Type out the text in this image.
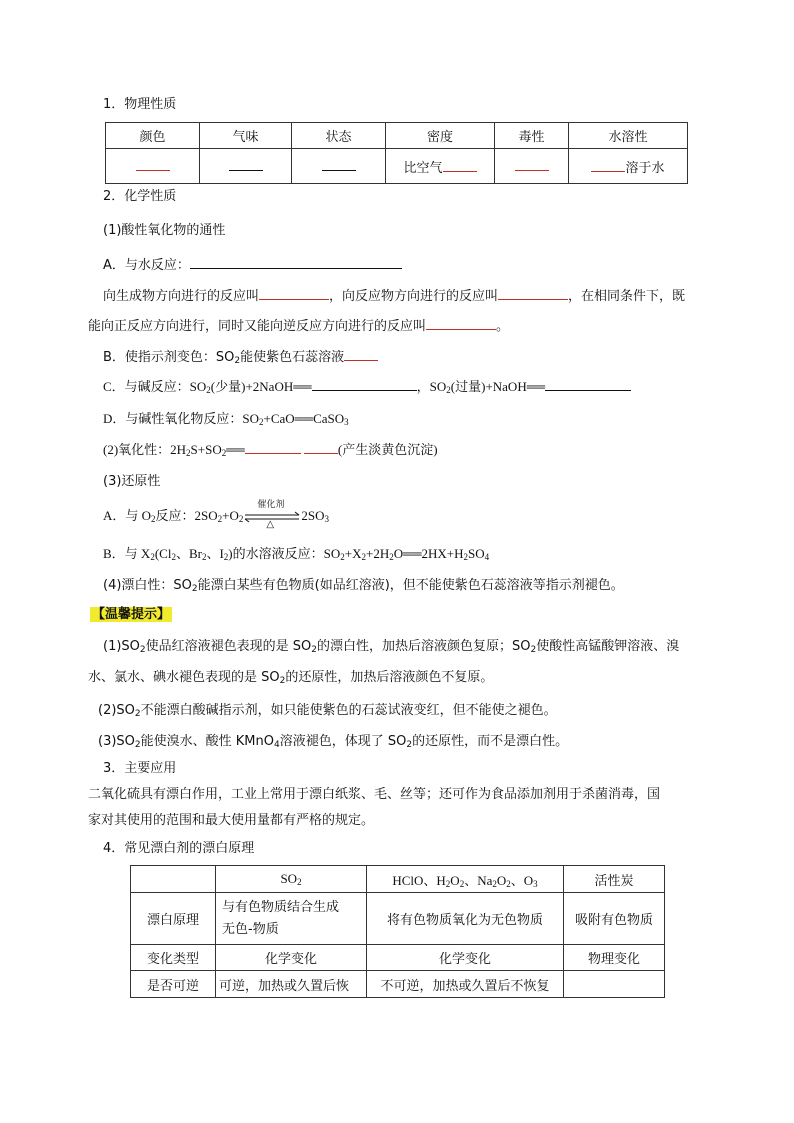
1．物理性质
颜色	气味	状态	密度	毒性	水溶性
			比空气		溶于水
2．化学性质
(1)酸性氧化物的通性
A．与水反应：
向生成物方向进行的反应叫	，向反应物方向进行的反应叫	，在相同条件下，既
能向正反应方向进行，同时又能向逆反应方向进行的反应叫	。
B．使指示剂变色：$SO_2$能使紫色石蕊溶液
C．与碱反应：$SO_2$(少量)+2NaOH══	，$SO_2$(过量)+NaOH══
D．与碱性氧化物反应：$SO_2+CaO══CaSO_3$
(2)氧化性：$2H_2S+SO_2══$	(产生淡黄色沉淀)
(3)还原性
A．与 $O_2$反应：$2SO_2+O_2$
催化剂
△
$2SO_3$
B．与 $X_2(Cl_2$、$Br_2$、$I_2$)的水溶液反应：$SO_2+X_2+2H_2O══2HX+H_2SO_4$
(4)漂白性：$SO_2$能漂白某些有色物质(如品红溶液)，但不能使紫色石蕊溶液等指示剂褪色。
【温馨提示】
$(1)SO_2$使品红溶液褪色表现的是 $SO_2$的漂白性，加热后溶液颜色复原；$SO_2$使酸性高锰酸钾溶液、溴
水、氯水、碘水褪色表现的是 $SO_2$的还原性，加热后溶液颜色不复原。
$(2)SO_2$不能漂白酸碱指示剂，如只能使紫色的石蕊试液变红，但不能使之褪色。
$(3)SO_2$能使溴水、酸性 KMnO$_4$溶液褪色，体现了 $SO_2$的还原性，而不是漂白性。
3．主要应用
二氧化硫具有漂白作用，工业上常用于漂白纸浆、毛、丝等；还可作为食品添加剂用于杀菌消毒，国
家对其使用的范围和最大使用量都有严格的规定。
4．常见漂白剂的漂白原理
	$SO_2$	HClO、$H_2O_2$、$Na_2O_2$、$O_3$	活性炭
漂白原理	与有色物质结合生成
无色-物质	将有色物质氧化为无色物质	吸附有色物质
变化类型	化学变化	化学变化	物理变化
是否可逆	可逆，加热或久置后恢	不可逆，加热或久置后不恢复	
